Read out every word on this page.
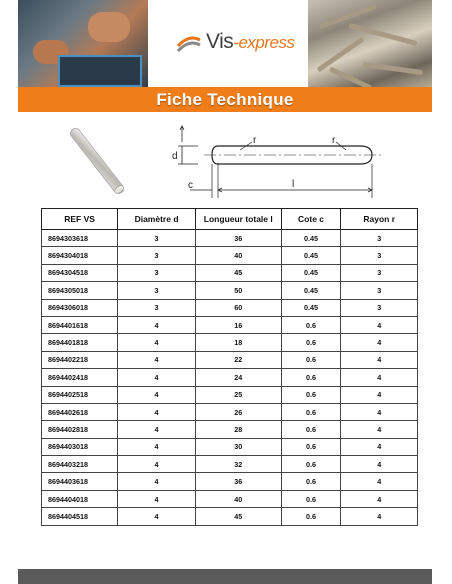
Vis-express
Fiche Technique
d
r	r
c	l
REF VS	Diamètre d	Longueur totale l	Cote c	Rayon r
8694303618	3	36	0.45	3
8694304018	3	40	0.45	3
8694304518	3	45	0.45	3
8694305018	3	50	0.45	3
8694306018	3	60	0.45	3
8694401618	4	16	0.6	4
8694401818	4	18	0.6	4
8694402218	4	22	0.6	4
8694402418	4	24	0.6	4
8694402518	4	25	0.6	4
8694402618	4	26	0.6	4
8694402818	4	28	0.6	4
8694403018	4	30	0.6	4
8694403218	4	32	0.6	4
8694403618	4	36	0.6	4
8694404018	4	40	0.6	4
8694404518	4	45	0.6	4
